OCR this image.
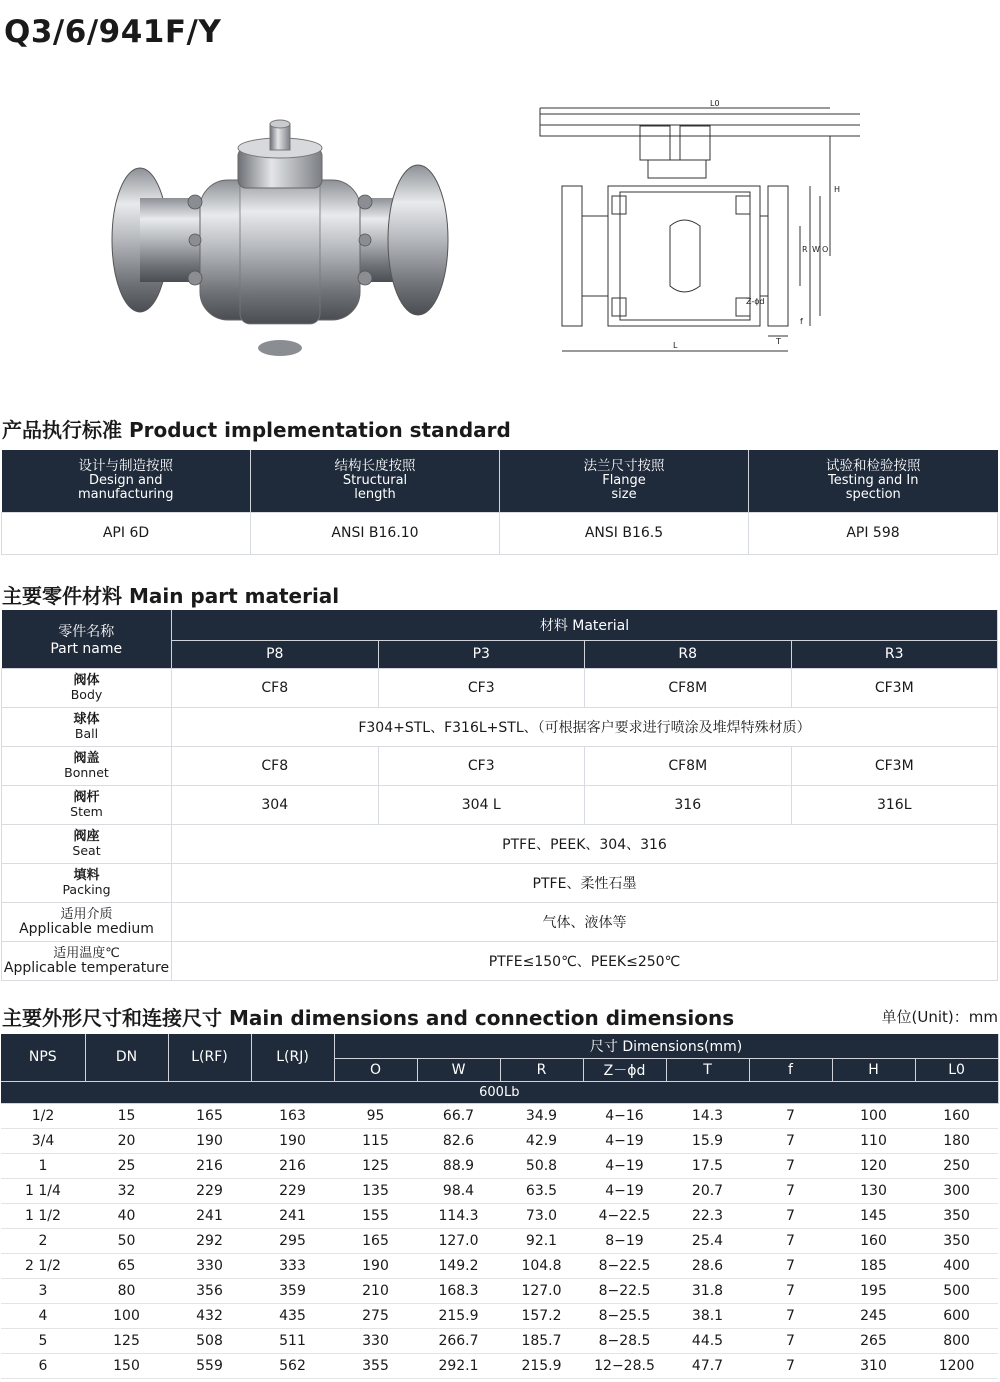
Q3/6/941F/Y
L0
H
R W O
Z-ϕd
f
T
L
产品执行标准 Product implementation standard
设计与制造按照
Design and
manufacturing	结构长度按照
Structural
length	法兰尺寸按照
Flange
size	试验和检验按照
Testing and In
spection
API 6D	ANSI B16.10	ANSI B16.5	API 598
主要零件材料 Main part material
零件名称
Part name	材料 Material			
	P8	P3	R8	R3

阀体
Body	CF8	CF3	CF8M	CF3M

球体
Ball	F304+STL、F316L+STL、（可根据客户要求进行喷涂及堆焊特殊材质）			

阀盖
Bonnet	CF8	CF3	CF8M	CF3M

阀杆
Stem	304	304 L	316	316L

阀座
Seat	PTFE、PEEK、304、316			

填料
Packing	PTFE、柔性石墨			

适用介质
Applicable medium	气体、液体等			

适用温度℃
Applicable temperature	PTFE≤150℃、PEEK≤250℃			
主要外形尺寸和连接尺寸 Main dimensions and connection dimensions	单位(Unit)：mm
NPS	DN	L(RF)	L(RJ)	尺寸 Dimensions(mm)							
				O	W	R	Z－ϕd	T	f	H	L0
600Lb											
1/2	15	165	163	95	66.7	34.9	4−16	14.3	7	100	160
3/4	20	190	190	115	82.6	42.9	4−19	15.9	7	110	180
1	25	216	216	125	88.9	50.8	4−19	17.5	7	120	250
1 1/4	32	229	229	135	98.4	63.5	4−19	20.7	7	130	300
1 1/2	40	241	241	155	114.3	73.0	4−22.5	22.3	7	145	350
2	50	292	295	165	127.0	92.1	8−19	25.4	7	160	350
2 1/2	65	330	333	190	149.2	104.8	8−22.5	28.6	7	185	400
3	80	356	359	210	168.3	127.0	8−22.5	31.8	7	195	500
4	100	432	435	275	215.9	157.2	8−25.5	38.1	7	245	600
5	125	508	511	330	266.7	185.7	8−28.5	44.5	7	265	800
6	150	559	562	355	292.1	215.9	12−28.5	47.7	7	310	1200
